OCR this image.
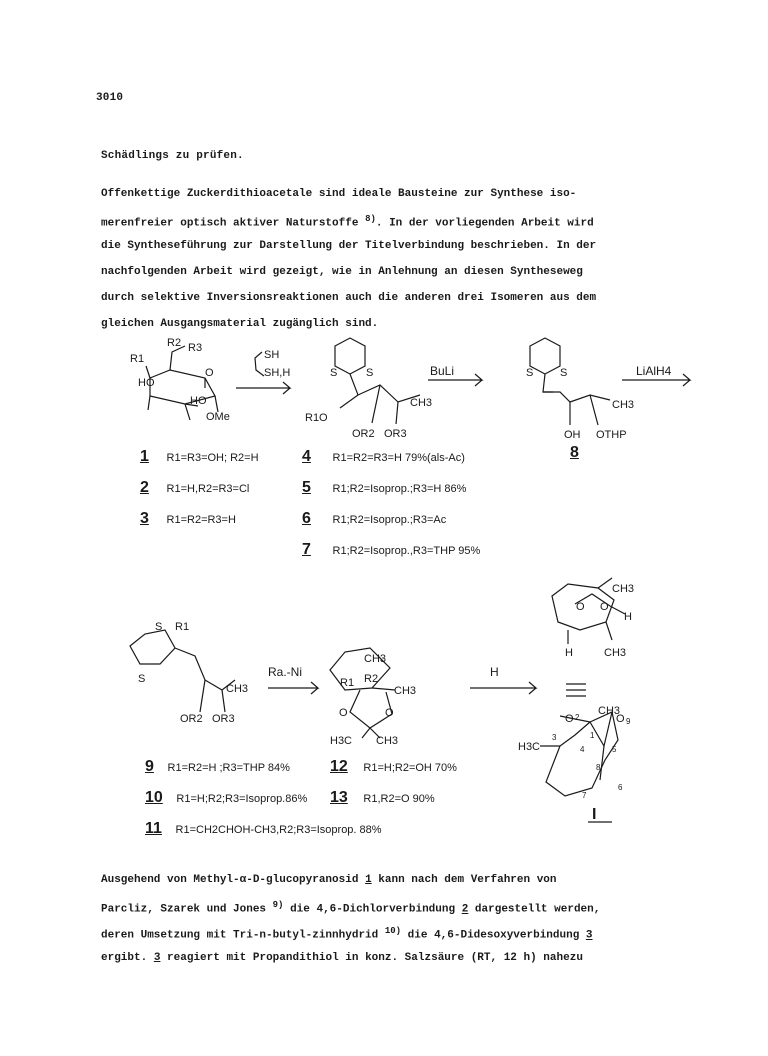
3010
Schädlings zu prüfen.
Offenkettige Zuckerdithioacetale sind ideale Bausteine zur Synthese iso-
merenfreier optisch aktiver Naturstoffe $^{8)}$. In der vorliegenden Arbeit wird
die Syntheseführung zur Darstellung der Titelverbindung beschrieben. In der
nachfolgenden Arbeit wird gezeigt, wie in Anlehnung an diesen Syntheseweg
durch selektive Inversionsreaktionen auch die anderen drei Isomeren aus dem
gleichen Ausgangsmaterial zugänglich sind.
R2 R3
R1
O
HO
HO
OMe
SH
SH,H	S	S
CH3
R1O
OR2 OR3
BuLi	S S
CH3
OH OTHP
LiAlH4
S R1
S
CH3
OR2 OR3
Ra.-Ni
CH3
R1 R2
CH3
O	O
H3C CH3
H
CH3
O O
H
H	CH3
CH3
O	O
H3C
1
2
3
4	5
6
7
8
9
1 R1=R3=OH; R2=H
2 R1=H,R2=R3=Cl
3 R1=R2=R3=H
4 R1=R2=R3=H 79%(als-Ac)
5 R1;R2=Isoprop.;R3=H 86%
6 R1;R2=Isoprop.;R3=Ac
7 R1;R2=Isoprop.,R3=THP 95%
8
9 R1=R2=H ;R3=THP 84%
10 R1=H;R2;R3=Isoprop.86%
11 R1=CH2CHOH-CH3,R2;R3=Isoprop. 88%
12 R1=H;R2=OH 70%
13 R1,R2=O 90%
I
Ausgehend von Methyl-α-D-glucopyranosid 1 kann nach dem Verfahren von
Parcliz, Szarek und Jones $^{9)}$ die 4,6-Dichlorverbindung 2 dargestellt werden,
deren Umsetzung mit Tri-n-butyl-zinnhydrid $^{10)}$ die 4,6-Didesoxyverbindung 3
ergibt. 3 reagiert mit Propandithiol in konz. Salzsäure (RT, 12 h) nahezu
